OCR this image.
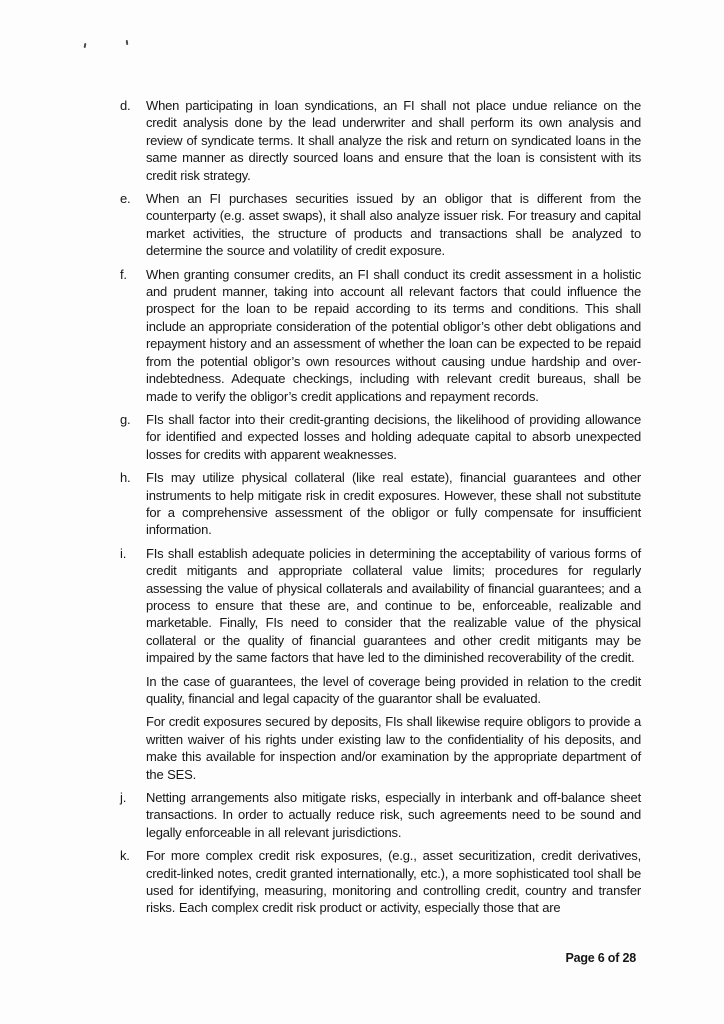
d.	When participating in loan syndications, an FI shall not place undue reliance on the credit analysis done by the lead underwriter and shall perform its own analysis and review of syndicate terms. It shall analyze the risk and return on syndicated loans in the same manner as directly sourced loans and ensure that the loan is consistent with its credit risk strategy.

e.	When an FI purchases securities issued by an obligor that is different from the counterparty (e.g. asset swaps), it shall also analyze issuer risk. For treasury and capital market activities, the structure of products and transactions shall be analyzed to determine the source and volatility of credit exposure.

f.	When granting consumer credits, an FI shall conduct its credit assessment in a holistic and prudent manner, taking into account all relevant factors that could influence the prospect for the loan to be repaid according to its terms and conditions. This shall include an appropriate consideration of the potential obligor’s other debt obligations and repayment history and an assessment of whether the loan can be expected to be repaid from the potential obligor’s own resources without causing undue hardship and over-indebtedness. Adequate checkings, including with relevant credit bureaus, shall be made to verify the obligor’s credit applications and repayment records.

g.	FIs shall factor into their credit-granting decisions, the likelihood of providing allowance for identified and expected losses and holding adequate capital to absorb unexpected losses for credits with apparent weaknesses.

h.	FIs may utilize physical collateral (like real estate), financial guarantees and other instruments to help mitigate risk in credit exposures. However, these shall not substitute for a comprehensive assessment of the obligor or fully compensate for insufficient information.

i.	FIs shall establish adequate policies in determining the acceptability of various forms of credit mitigants and appropriate collateral value limits; procedures for regularly assessing the value of physical collaterals and availability of financial guarantees; and a process to ensure that these are, and continue to be, enforceable, realizable and marketable. Finally, FIs need to consider that the realizable value of the physical collateral or the quality of financial guarantees and other credit mitigants may be impaired by the same factors that have led to the diminished recoverability of the credit.

In the case of guarantees, the level of coverage being provided in relation to the credit quality, financial and legal capacity of the guarantor shall be evaluated.

For credit exposures secured by deposits, FIs shall likewise require obligors to provide a written waiver of his rights under existing law to the confidentiality of his deposits, and make this available for inspection and/or examination by the appropriate department of the SES.

j.	Netting arrangements also mitigate risks, especially in interbank and off-balance sheet transactions. In order to actually reduce risk, such agreements need to be sound and legally enforceable in all relevant jurisdictions.

k.	For more complex credit risk exposures, (e.g., asset securitization, credit derivatives, credit-linked notes, credit granted internationally, etc.), a more sophisticated tool shall be used for identifying, measuring, monitoring and controlling credit, country and transfer risks. Each complex credit risk product or activity, especially those that are

Page 6 of 28
